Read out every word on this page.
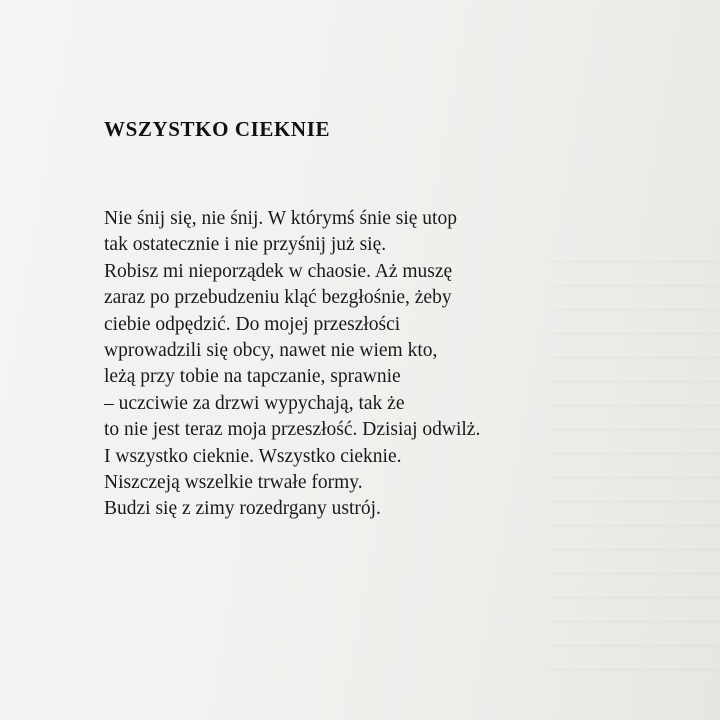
WSZYSTKO CIEKNIE
Nie śnij się, nie śnij. W którymś śnie się utop
tak ostatecznie i nie przyśnij już się.
Robisz mi nieporządek w chaosie. Aż muszę
zaraz po przebudzeniu kląć bezgłośnie, żeby
ciebie odpędzić. Do mojej przeszłości
wprowadzili się obcy, nawet nie wiem kto,
leżą przy tobie na tapczanie, sprawnie
– uczciwie za drzwi wypychają, tak że
to nie jest teraz moja przeszłość. Dzisiaj odwilż.
I wszystko cieknie. Wszystko cieknie.
Niszczeją wszelkie trwałe formy.
Budzi się z zimy rozedrgany ustrój.
